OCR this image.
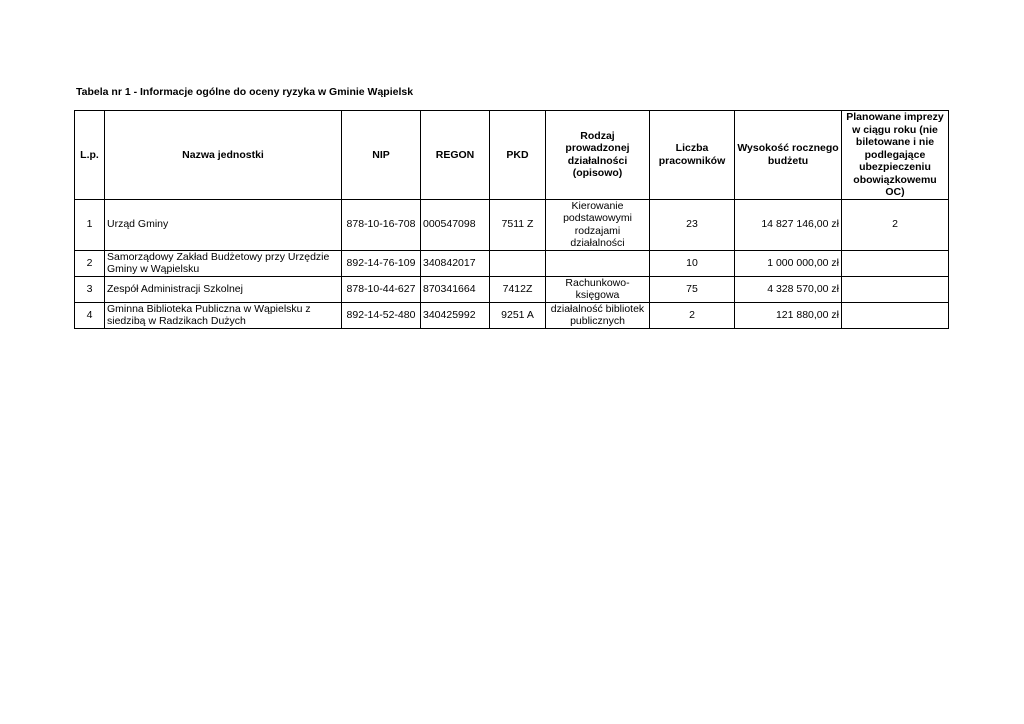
Tabela nr 1 - Informacje ogólne do oceny ryzyka w Gminie Wąpielsk
L.p.	Nazwa jednostki	NIP	REGON	PKD	Rodzaj prowadzonej działalności (opisowo)	Liczba pracowników	Wysokość rocznego budżetu	Planowane imprezy w ciągu roku (nie biletowane i nie podlegające ubezpieczeniu obowiązkowemu OC)
1	Urząd Gminy	878-10-16-708	000547098	7511 Z	Kierowanie podstawowymi rodzajami działalności	23	14 827 146,00 zł	2
2	Samorządowy Zakład Budżetowy przy Urzędzie Gminy w Wąpielsku	892-14-76-109	340842017			10	1 000 000,00 zł	
3	Zespół Administracji Szkolnej	878-10-44-627	870341664	7412Z	Rachunkowo-księgowa	75	4 328 570,00 zł	
4	Gminna Biblioteka Publiczna w Wąpielsku z siedzibą w Radzikach Dużych	892-14-52-480	340425992	9251 A	działalność bibliotek publicznych	2	121 880,00 zł	
